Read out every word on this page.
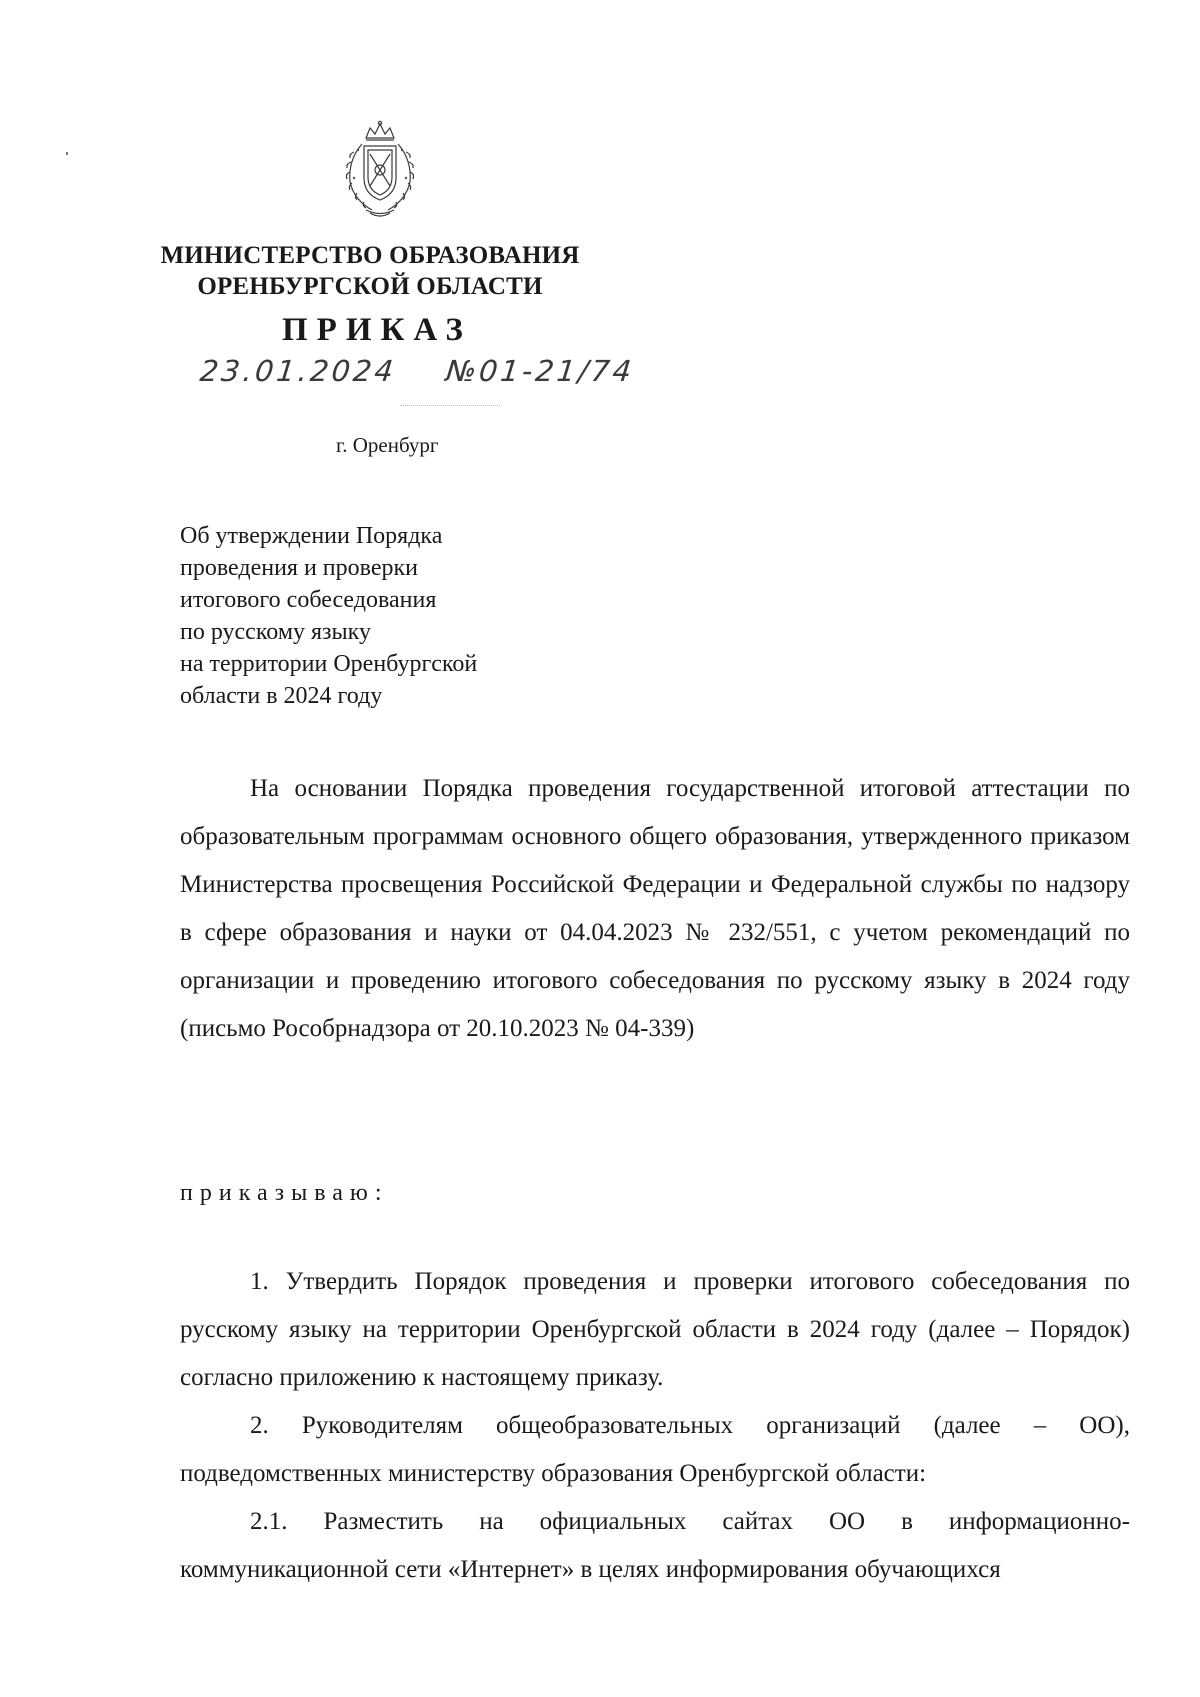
МИНИСТЕРСТВО ОБРАЗОВАНИЯ
ОРЕНБУРГСКОЙ ОБЛАСТИ
ПРИКАЗ
23.01.2024 №01-21/74
г. Оренбург
Об утверждении Порядка
проведения и проверки
итогового собеседования
по русскому языку
на территории Оренбургской
области в 2024 году
На основании Порядка проведения государственной итоговой аттестации по образовательным программам основного общего образования, утвержденного приказом Министерства просвещения Российской Федерации и Федеральной службы по надзору в сфере образования и науки от 04.04.2023 № 232/551, с учетом рекомендаций по организации и проведению итогового собеседования по русскому языку в 2024 году (письмо Рособрнадзора от 20.10.2023 № 04-339)
приказываю:

1. Утвердить Порядок проведения и проверки итогового собеседования по русскому языку на территории Оренбургской области в 2024 году (далее – Порядок) согласно приложению к настоящему приказу.

2. Руководителям общеобразовательных организаций (далее – ОО), подведомственных министерству образования Оренбургской области:

2.1. Разместить на официальных сайтах ОО в информационно-коммуникационной сети «Интернет» в целях информирования обучающихся
